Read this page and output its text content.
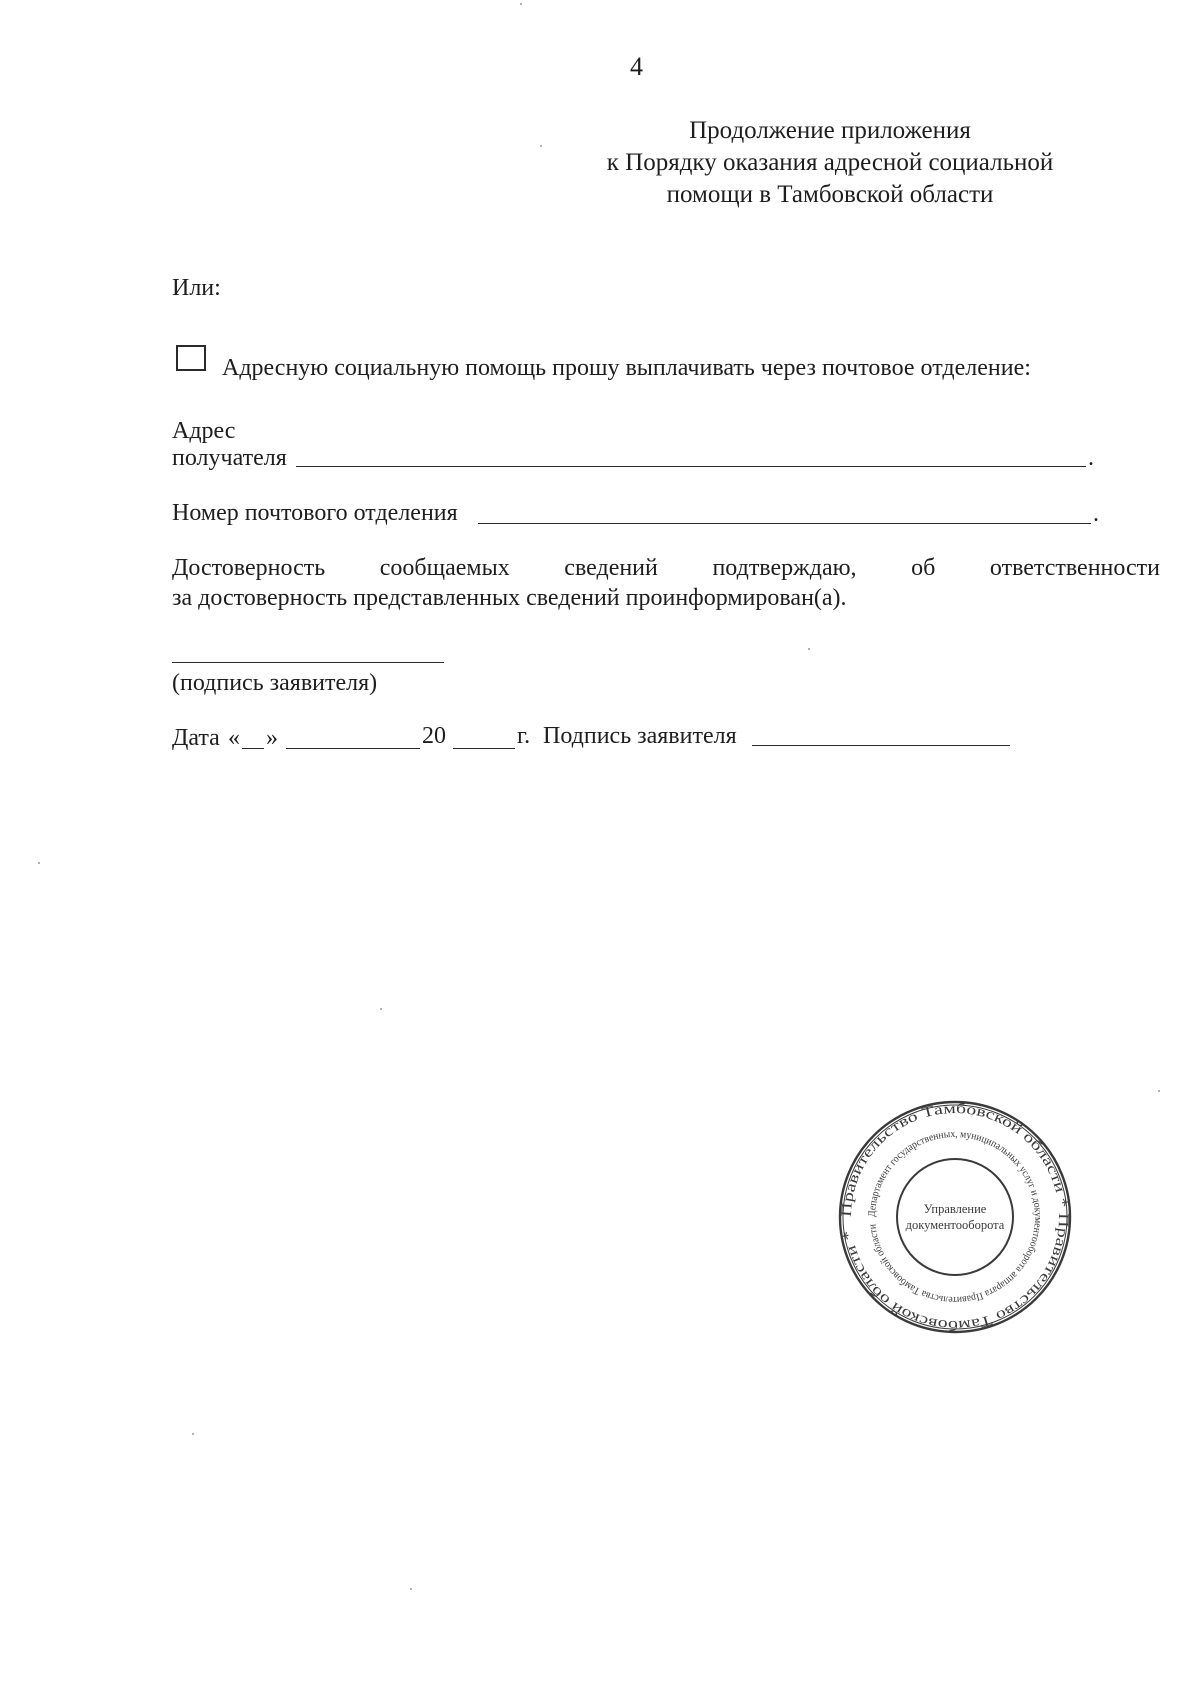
4
Продолжение приложения
к Порядку оказания адресной социальной
помощи в Тамбовской области
Или:
Адресную социальную помощь прошу выплачивать через почтовое отделение:
Адрес
получателя	.
Номер почтового отделения	.
Достоверность сообщаемых сведений подтверждаю, об ответственности
за достоверность представленных сведений проинформирован(а).
(подпись заявителя)
Дата « »	20	г. Подпись заявителя
Правительство Тамбовской области * Правительство Тамбовской области *
Департамент государственных, муниципальных услуг и документооборота аппарата Правительства Тамбовской области
Управление
документооборота
